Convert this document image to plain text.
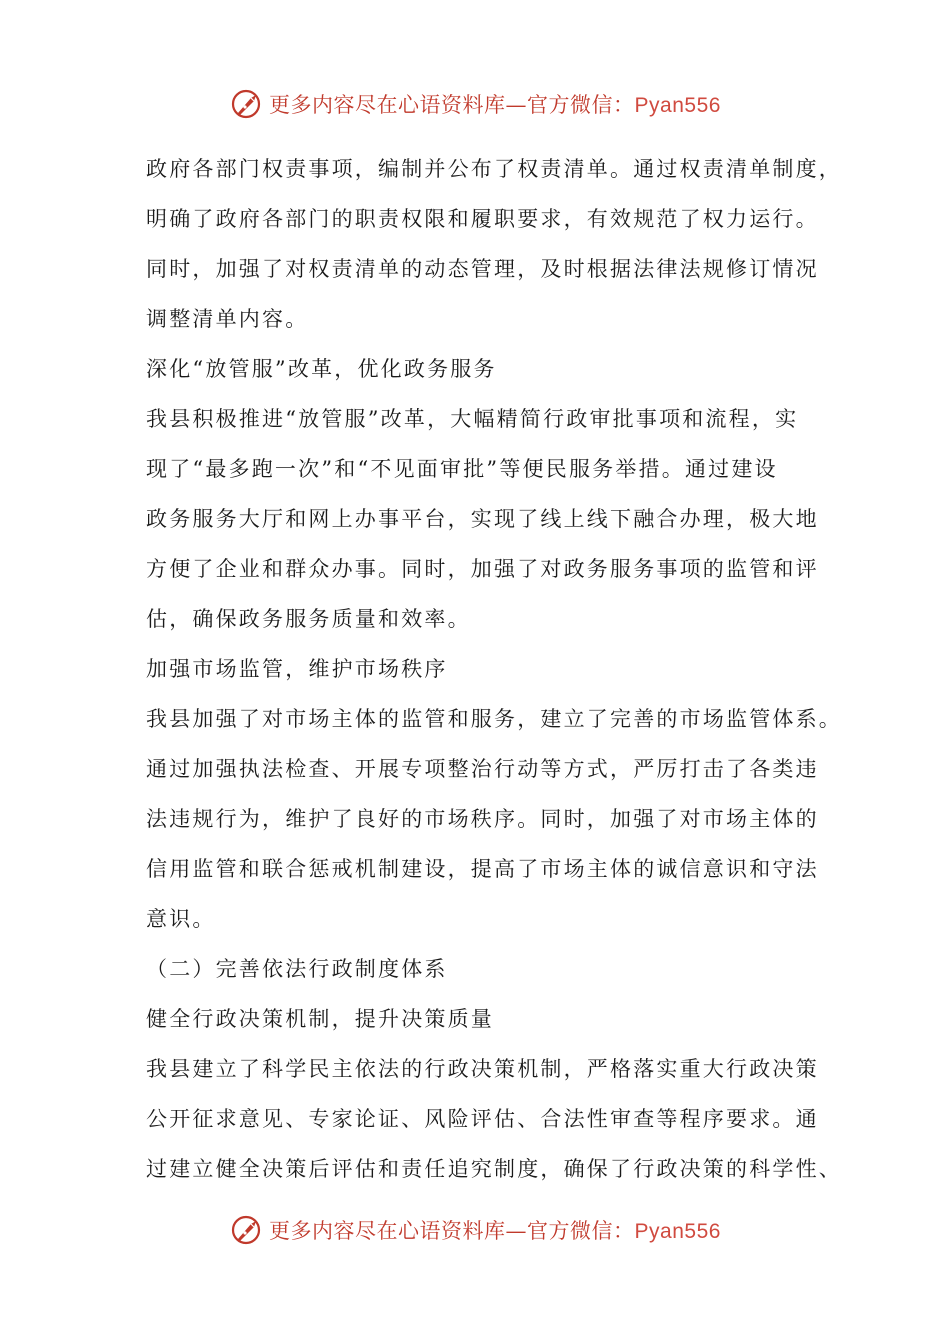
更多内容尽在心语资料库—官方微信：Pyan556
政府各部门权责事项，编制并公布了权责清单。通过权责清单制度，
明确了政府各部门的职责权限和履职要求，有效规范了权力运行。
同时，加强了对权责清单的动态管理，及时根据法律法规修订情况
调整清单内容。
深化“放管服”改革，优化政务服务
我县积极推进“放管服”改革，大幅精简行政审批事项和流程，实
现了“最多跑一次”和“不见面审批”等便民服务举措。通过建设
政务服务大厅和网上办事平台，实现了线上线下融合办理，极大地
方便了企业和群众办事。同时，加强了对政务服务事项的监管和评
估，确保政务服务质量和效率。
加强市场监管，维护市场秩序
我县加强了对市场主体的监管和服务，建立了完善的市场监管体系。
通过加强执法检查、开展专项整治行动等方式，严厉打击了各类违
法违规行为，维护了良好的市场秩序。同时，加强了对市场主体的
信用监管和联合惩戒机制建设，提高了市场主体的诚信意识和守法
意识。
（二）完善依法行政制度体系
健全行政决策机制，提升决策质量
我县建立了科学民主依法的行政决策机制，严格落实重大行政决策
公开征求意见、专家论证、风险评估、合法性审查等程序要求。通
过建立健全决策后评估和责任追究制度，确保了行政决策的科学性、
更多内容尽在心语资料库—官方微信：Pyan556
